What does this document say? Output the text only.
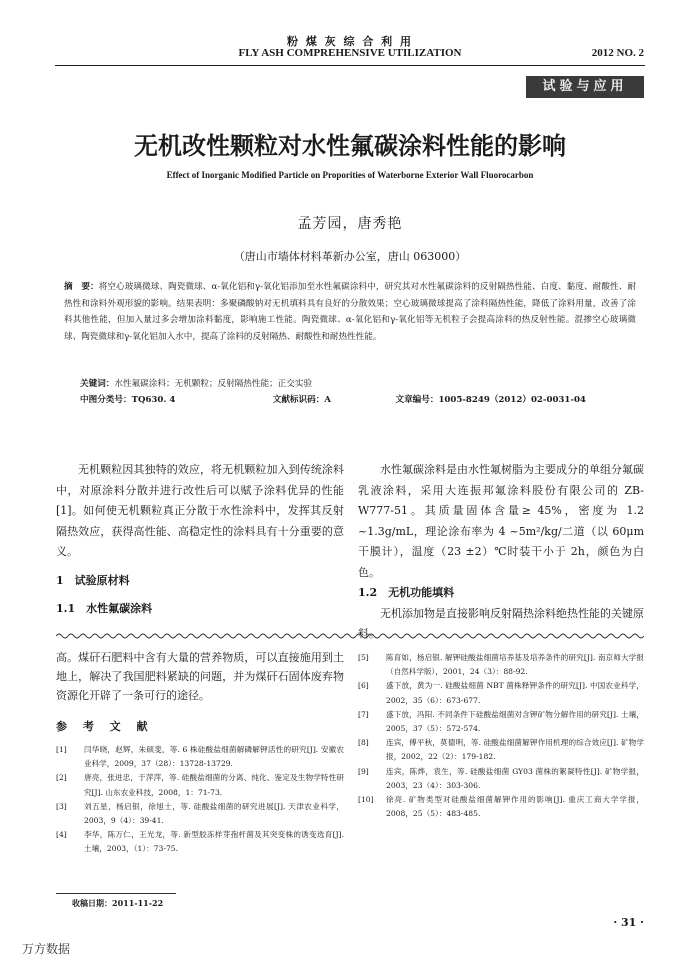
粉 煤 灰 综 合 利 用
FLY ASH COMPREHENSIVE UTILIZATION	2012 NO. 2
试验与应用
无机改性颗粒对水性氟碳涂料性能的影响
Effect of Inorganic Modified Particle on Proporities of Waterborne Exterior Wall Fluorocarbon
孟芳园，唐秀艳
（唐山市墙体材料革新办公室，唐山 063000）
摘　要：将空心玻璃微球、陶瓷微球、α-氧化铝和γ-氧化铝添加至水性氟碳涂料中，研究其对水性氟碳涂料的反射隔热性能、白度、黏度、耐酸性、耐热性和涂料外观形貌的影响。结果表明：多聚磷酸钠对无机填料具有良好的分散效果；空心玻璃微球提高了涂料隔热性能，降低了涂料用量，改善了涂料其他性能，但加入量过多会增加涂料黏度，影响施工性能。陶瓷微球、α-氧化铝和γ-氧化铝等无机粒子会提高涂料的热反射性能。混掺空心玻璃微球、陶瓷微球和γ-氧化铝加入水中，提高了涂料的反射隔热、耐酸性和耐热性性能。
关键词：水性氟碳涂料；无机颗粒；反射隔热性能；正交实验
中图分类号：TQ630. 4	文献标识码：A	文章编号：1005-8249（2012）02-0031-04

无机颗粒因其独特的效应，将无机颗粒加入到传统涂料中，对原涂料分散并进行改性后可以赋予涂料优异的性能[1]。如何使无机颗粒真正分散于水性涂料中，发挥其反射隔热效应，获得高性能、高稳定性的涂料具有十分重要的意义。

1　试验原材料

1.1　水性氟碳涂料

水性氟碳涂料是由水性氟树脂为主要成分的单组分氟碳乳液涂料，采用大连振邦氟涂料股份有限公司的 ZB-W777-51。其质量固体含量≥ 45%，密度为 1.2 ~1.3g/mL，理论涂布率为 4 ~5m²/kg/二道（以 60μm 干膜计），温度（23 ±2）℃时装干小于 2h，颜色为白色。

1.2　无机功能填料

无机添加物是直接影响反射隔热涂料绝热性能的关键原料。

高。煤矸石肥料中含有大量的营养物质，可以直接施用到土地上，解决了我国肥料紧缺的问题，并为煤矸石固体废弃物资源化开辟了一条可行的途径。
参 考 文 献
[1]	闫华晓，赵辉，朱硕斐，等. 6 株硅酸盐细菌解磷解钾活性的研究[J]. 安徽农业科学，2009，37（28）：13728-13729.
[2]	唐亮，张进忠，于萍萍，等. 硅酸盐细菌的分离、纯化、鉴定及生物学特性研究[J]. 山东农业科技，2008，1：71-73.
[3]	刘五星，杨启银，徐旭士，等. 硅酸盐细菌的研究进展[J]. 天津农业科学，2003，9（4）：39-41.
[4]	李华，陈万仁，王光龙，等. 新型胶冻样芽孢杆菌及其突变株的诱变选育[J]. 土壤，2003，（1）：73-75.
[5]	陈育如，杨启银. 解钾硅酸盐细菌培养基及培养条件的研究[J]. 南京师大学报（自然科学版），2001，24（3）：88-92.
[6]	盛下放，黄为一. 硅酸盐细菌 NBT 菌株释钾条件的研究[J]. 中国农业科学，2002，35（6）：673-677.
[7]	盛下放，冯阳. 不同条件下硅酸盐细菌对含钾矿物分解作用的研究[J]. 土壤，2005，37（5）：572-574.
[8]	连宾，傅平秋，莫德明，等. 硅酸盐细菌解钾作用机理的综合效应[J]. 矿物学报，2002，22（2）：179-182.
[9]	连宾，陈烨，袁生，等. 硅酸盐细菌 GY03 菌株的絮凝特性[J]. 矿物学报，2003，23（4）：303-306.
[10]	徐亮. 矿物类型对硅酸盐细菌解钾作用的影响[J]. 重庆工商大学学报，2008，25（5）：483-485.
收稿日期：2011-11-22
· 31 ·
万方数据
